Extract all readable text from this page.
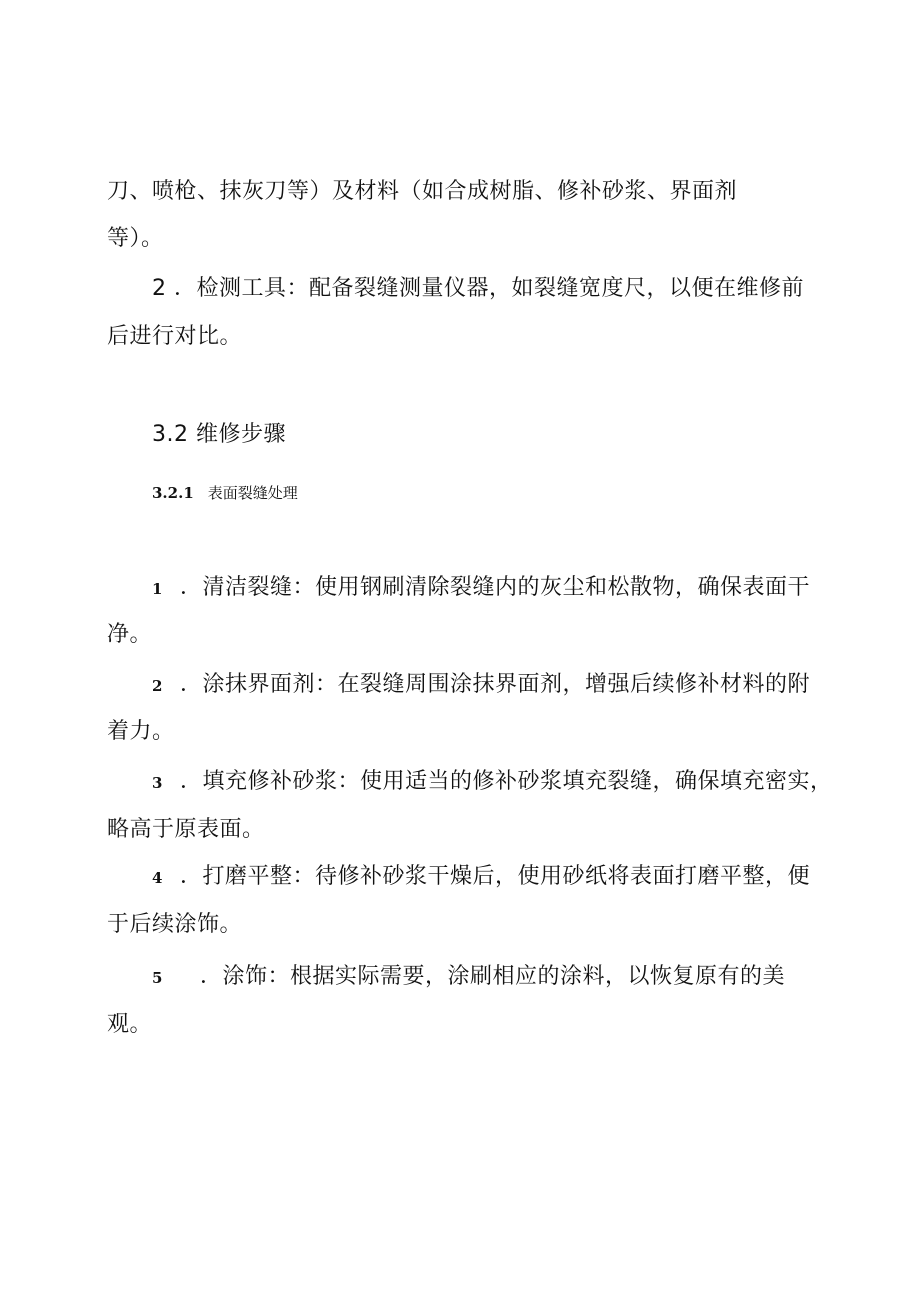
刀、喷枪、抹灰刀等）及材料（如合成树脂、修补砂浆、界面剂
等）。
2 ．检测工具：配备裂缝测量仪器，如裂缝宽度尺，以便在维修前
后进行对比。
3.2 维修步骤
3.2.1 表面裂缝处理
1 ．清洁裂缝：使用钢刷清除裂缝内的灰尘和松散物，确保表面干
净。
2 ．涂抹界面剂：在裂缝周围涂抹界面剂，增强后续修补材料的附
着力。
3 ．填充修补砂浆：使用适当的修补砂浆填充裂缝，确保填充密实，
略高于原表面。
4 ．打磨平整：待修补砂浆干燥后，使用砂纸将表面打磨平整，便
于后续涂饰。
5 ．涂饰：根据实际需要，涂刷相应的涂料，以恢复原有的美
观。
